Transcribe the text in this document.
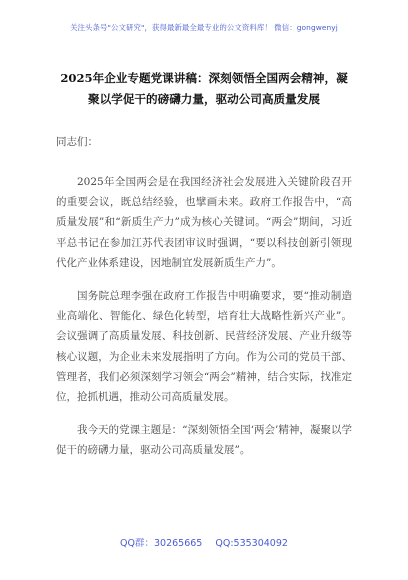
关注头条号"公文研究"，获得最新最全最专业的公文资料库！ 微信：gongwenyj
2025年企业专题党课讲稿：深刻领悟全国两会精神，凝聚以学促干的磅礴力量，驱动公司高质量发展
同志们：

2025年全国两会是在我国经济社会发展进入关键阶段召开的重要会议，既总结经验，也擘画未来。政府工作报告中，“高质量发展”和“新质生产力”成为核心关键词。“两会”期间，习近平总书记在参加江苏代表团审议时强调，“要以科技创新引领现代化产业体系建设，因地制宜发展新质生产力”。

国务院总理李强在政府工作报告中明确要求，要“推动制造业高端化、智能化、绿色化转型，培育壮大战略性新兴产业”。会议强调了高质量发展、科技创新、民营经济发展、产业升级等核心议题，为企业未来发展指明了方向。作为公司的党员干部、管理者，我们必须深刻学习领会“两会”精神，结合实际，找准定位，抢抓机遇，推动公司高质量发展。

我今天的党课主题是：“深刻领悟全国‘两会’精神，凝聚以学促干的磅礴力量，驱动公司高质量发展”。

QQ群：30265665 QQ:535304092
